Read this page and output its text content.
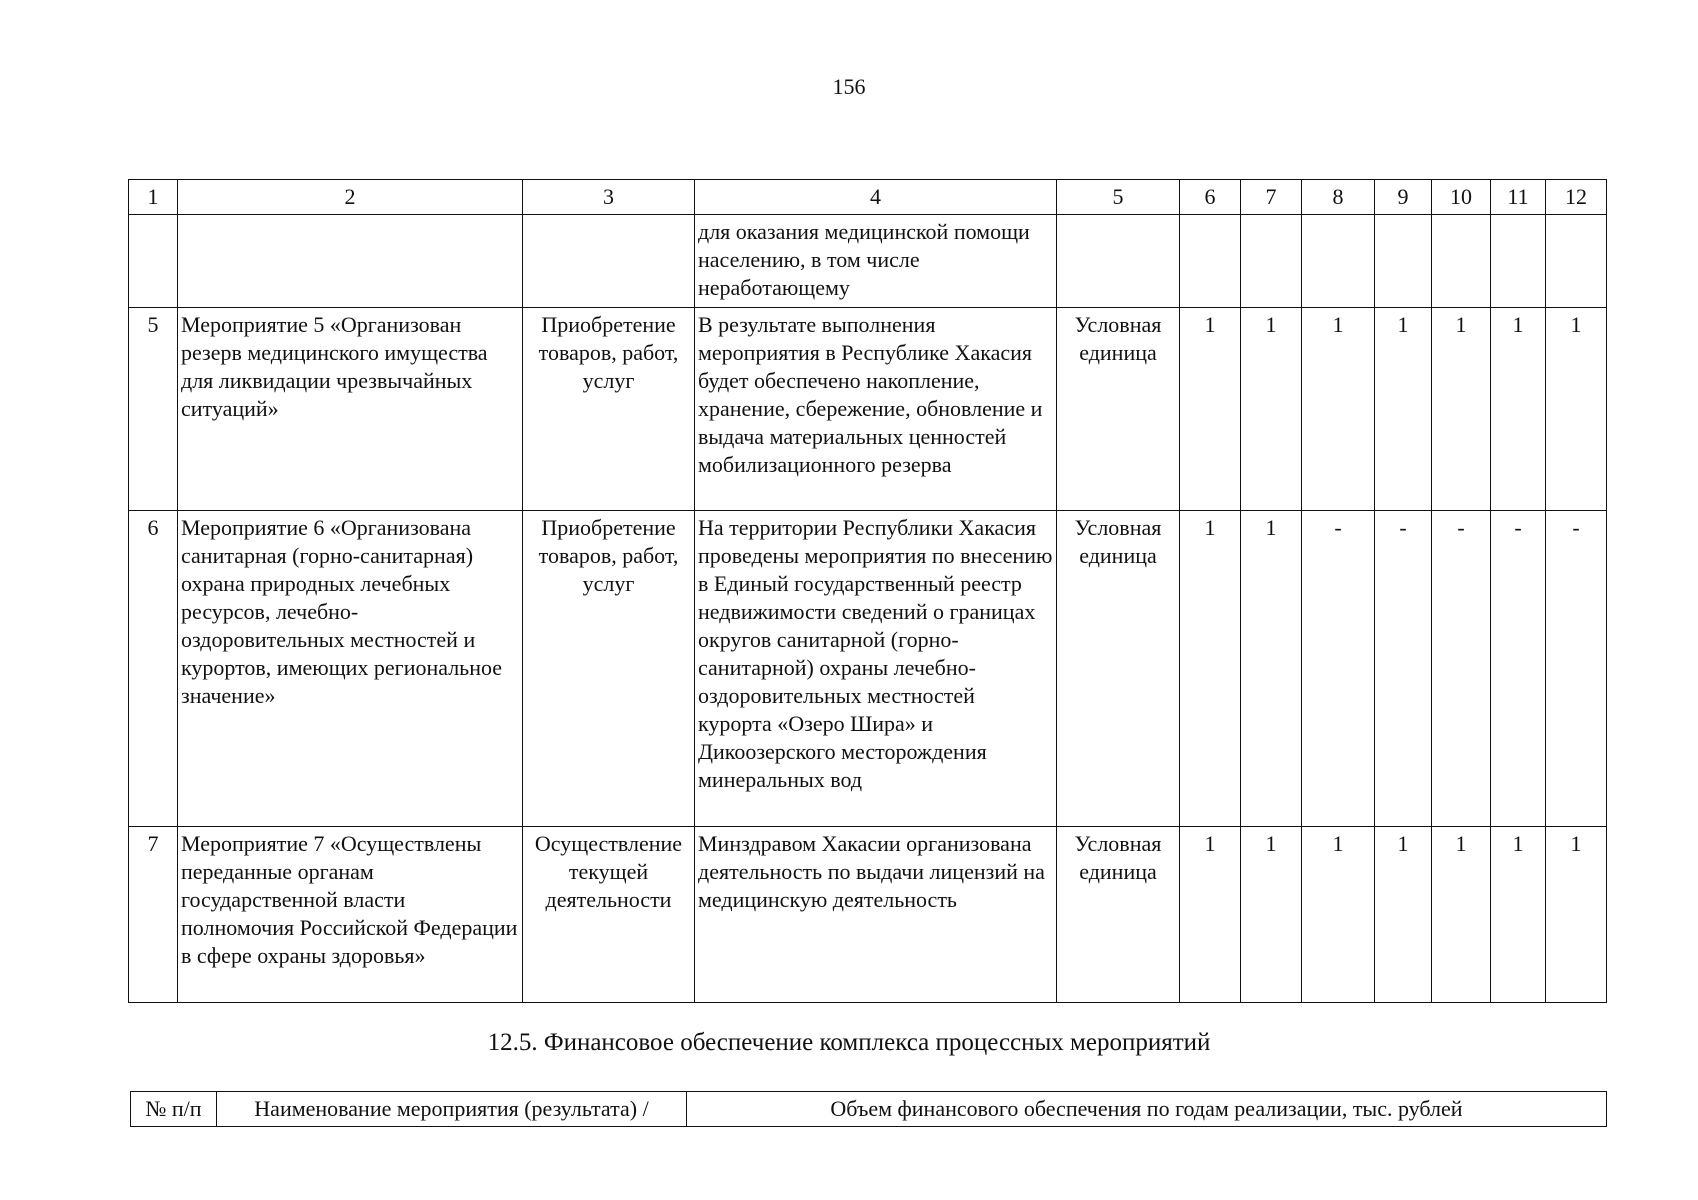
156
1	2	3	4	5	6	7	8	9	10	11	12
			для оказания медицинской помощи населению, в том числе неработающему								
5	Мероприятие 5 «Организован резерв медицинского имущества для ликвидации чрезвычайных ситуаций»	Приобретение товаров, работ, услуг	В результате выполнения мероприятия в Республике Хакасия будет обеспечено накопление, хранение, сбережение, обновление и выдача материальных ценностей мобилизационного резерва	Условная единица	1	1	1	1	1	1	1
6	Мероприятие 6 «Организована санитарная (горно-санитарная) охрана природных лечебных ресурсов, лечебно-оздоровительных местностей и курортов, имеющих региональное значение»	Приобретение товаров, работ, услуг	На территории Республики Хакасия проведены мероприятия по внесению в Единый государственный реестр недвижимости сведений о границах округов санитарной (горно-санитарной) охраны лечебно-оздоровительных местностей курорта «Озеро Шира» и Дикоозерского месторождения минеральных вод	Условная единица	1	1	-	-	-	-	-
7	Мероприятие 7 «Осуществлены переданные органам государственной власти полномочия Российской Федерации в сфере охраны здоровья»	Осуществление текущей деятельности	Минздравом Хакасии организована деятельность по выдачи лицензий на медицинскую деятельность	Условная единица	1	1	1	1	1	1	1
12.5. Финансовое обеспечение комплекса процессных мероприятий
№ п/п	Наименование мероприятия (результата) /	Объем финансового обеспечения по годам реализации, тыс. рублей
